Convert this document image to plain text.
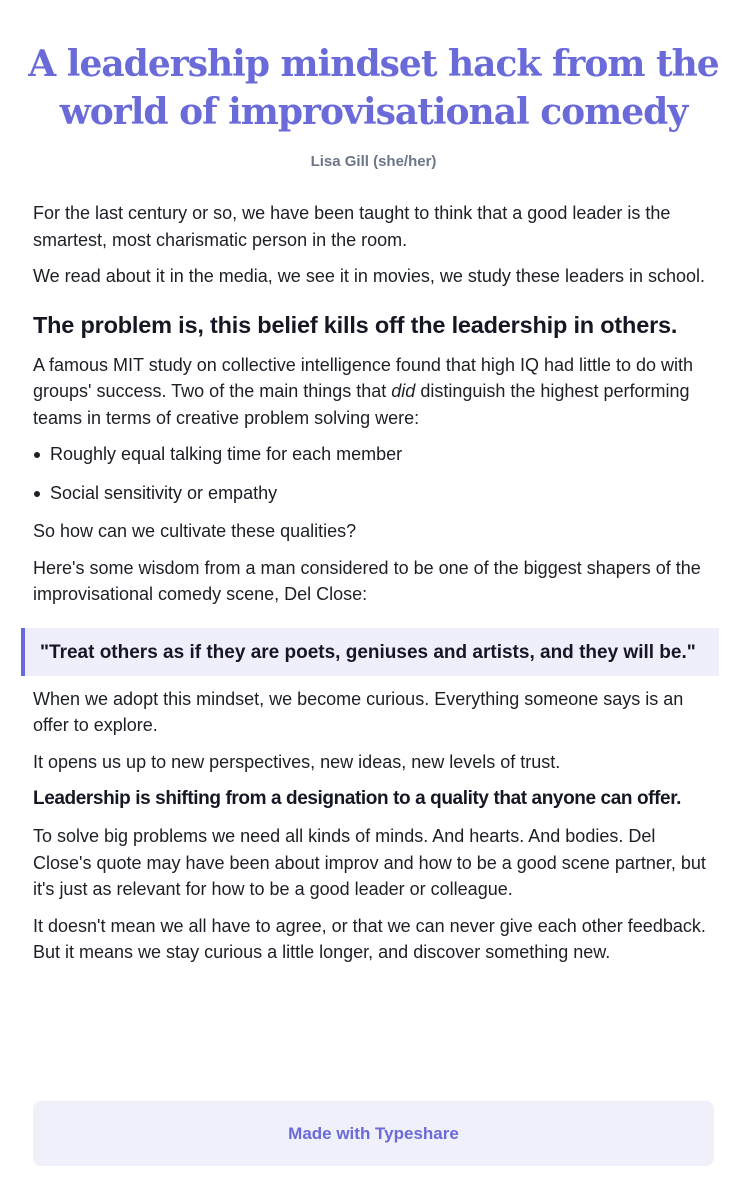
A leadership mindset hack from the world of improvisational comedy
Lisa Gill (she/her)

For the last century or so, we have been taught to think that a good leader is the smartest, most charismatic person in the room.

We read about it in the media, we see it in movies, we study these leaders in school.

The problem is, this belief kills off the leadership in others.

A famous MIT study on collective intelligence found that high IQ had little to do with groups' success. Two of the main things that did distinguish the highest performing teams in terms of creative problem solving were:

Roughly equal talking time for each member
Social sensitivity or empathy

So how can we cultivate these qualities?

Here's some wisdom from a man considered to be one of the biggest shapers of the improvisational comedy scene, Del Close:

"Treat others as if they are poets, geniuses and artists, and they will be."

When we adopt this mindset, we become curious. Everything someone says is an offer to explore.

It opens us up to new perspectives, new ideas, new levels of trust.

Leadership is shifting from a designation to a quality that anyone can offer.

To solve big problems we need all kinds of minds. And hearts. And bodies. Del Close's quote may have been about improv and how to be a good scene partner, but it's just as relevant for how to be a good leader or colleague.

It doesn't mean we all have to agree, or that we can never give each other feedback. But it means we stay curious a little longer, and discover something new.

Made with Typeshare
